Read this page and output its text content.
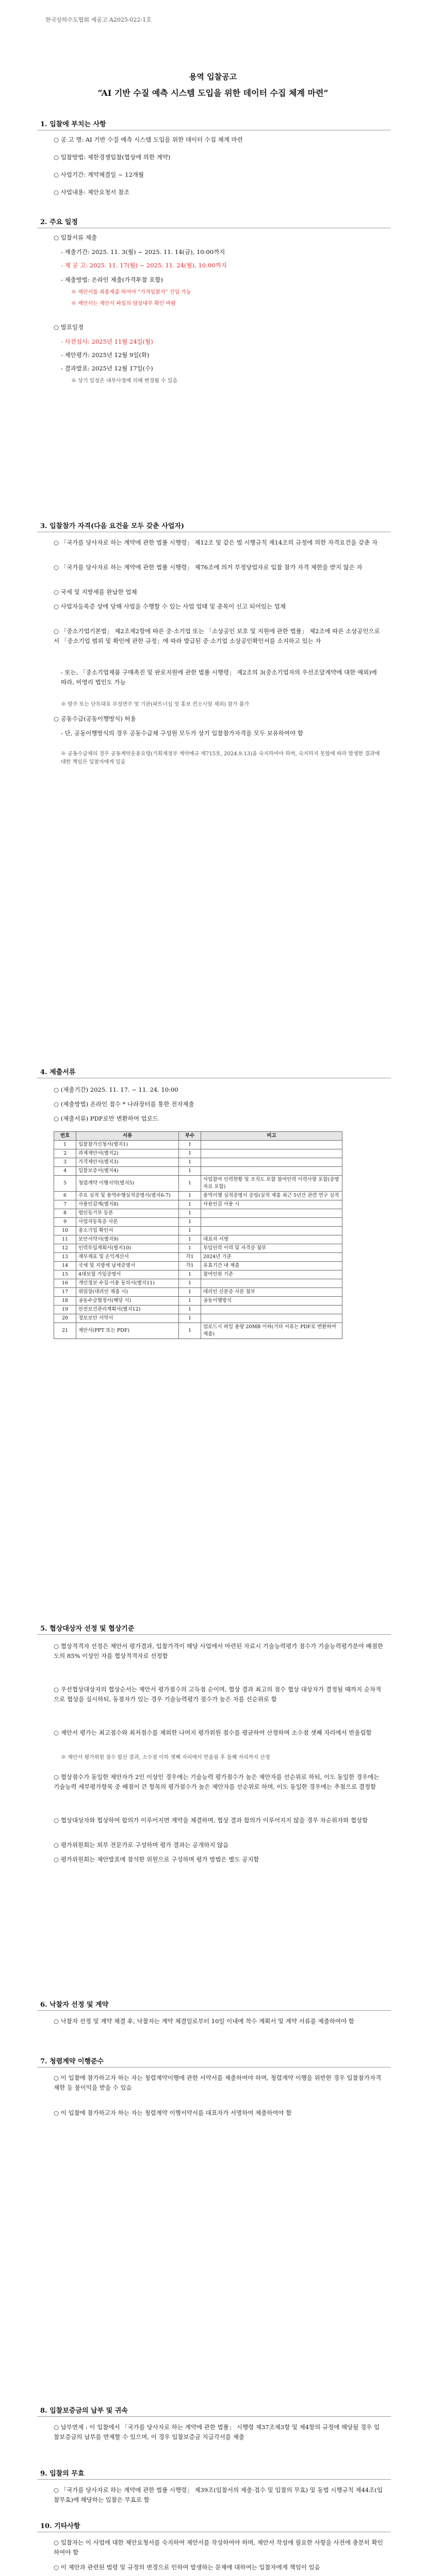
한국상하수도협회 제공고 A2025-022-1호
용역 입찰공고
“AI 기반 수질 예측 시스템 도입을 위한 데이터 수집 체계 마련”
1. 입찰에 부치는 사항
○ 공 고 명: AI 기반 수질 예측 시스템 도입을 위한 데이터 수집 체계 마련
○ 입찰방법: 제한경쟁입찰(협상에 의한 계약)
○ 사업기간: 계약체결일 ~ 12개월
○ 사업내용: 제안요청서 참조
2. 주요 일정
○ 입찰서류 제출
- 제출기간: 2025. 11. 3(월) ~ 2025. 11. 14(금), 10:00까지
- 제 공 고: 2025. 11. 17(월) ~ 2025. 11. 24(월), 10:00까지
- 제출방법: 온라인 제출(가격투찰 포함)
※ 제안서를 최종제출 하여야 “가격입찰서” 진입 가능
※ 제안서는 제안서 파일의 암상대부 확인 바람
○ 발표일정
- 사전심사: 2025년 11월 24일(월)
- 제안평가: 2025년 12월 9일(화)
- 결과발표: 2025년 12월 17일(수)
※ 상기 일정은 내부사정에 의해 변경될 수 있음
3. 입찰참가 자격(다음 요건을 모두 갖춘 사업자)
○ 「국가를 당사자로 하는 계약에 관한 법률 시행령」 제12조 및 같은 법 시행규칙 제14조의 규정에 의한 자격요건을 갖춘 자
○ 「국가를 당사자로 하는 계약에 관한 법률 시행령」 제76조에 의거 부정당업자로 입찰 참가 자격 제한을 받지 않은 자
○ 국세 및 지방세를 완납한 업체
○ 사업자등록증 상에 당해 사업을 수행할 수 있는 사업 업태 및 종목이 신고 되어있는 업체
○ 「중소기업기본법」 제2조제2항에 따른 중·소기업 또는 「소상공인 보호 및 지원에 관한 법률」 제2조에 따른 소상공인으로서 「중소기업 범위 및 확인에 관한 규정」에 따라 발급된 중·소기업 소상공인확인서를 소지하고 있는 자
- 또는, 「중소기업제품 구매촉진 및 판로지원에 관한 법률 시행령」 제2조의 3(중소기업자의 우선조달계약에 대한 예외)에 따라, 비영리 법인도 가능
※ 발주 또는 단독대표 부정면주 및 기관(파트너십 및 홍보 컨소시엄 제외) 참가 불가
○ 공동수급(공동이행방식) 허용
- 단, 공동이행방식의 경우 공동수급체 구성원 모두가 상기 입찰참가자격을 모두 보유하여야 함
※ 공동수급체의 경우 공동계약운용요령(기획재정부 계약예규 제715호, 2024.9.13)을 숙지하여야 하며, 숙지하지 못함에 따라 발생한 결과에 대한 책임은 입찰자에게 있음
4. 제출서류
○ (제출기간) 2025. 11. 17. ~ 11. 24. 10:00
○ (제출방법) 온라인 접수 * 나라장터를 통한 전자제출
○ (제출서류) PDF로만 변환하여 업로드
번호	서류	부수	비고
1	입찰참가신청서(별지1)	1	
2	과제제안서(별지2)	1	
3	가격제안서(별지3)	1	
4	입찰보증서(별지4)	1	
5	청렴계약 이행서약(별지5)	1	사업참여 인력현황 및 조직도 포함 참여인력 이력사항 포함(증명자료 포함)
6	주요 실적 및 용역수행실적증명서(별지6-7)	1	용역이행 실적증명서 증빙(실적 제출 최근 5년간 관련 연구 실적
7	사용인감계(별지8)	1	사용인감 사용 시
8	법인등기부 등본	1	
9	사업자등록증 사본	1	
10	중소기업 확인서	1	
11	보안서약서(별지9)	1	대표자 서명
12	인력투입계획서(별지10)	1	투입인력 이력 및 자격증 첨부
13	재무제표 및 손익계산서	각1	2024년 기준
14	국세 및 지방세 납세증명서	각1	유효기간 내 제출
15	4대보험 가입증명서	1	참여인원 기준
16	개인정보 수집·이용 동의서(별지11)	1	
17	위임장(대리인 제출 시)	1	대리인 신분증 사본 첨부
18	공동수급협정서(해당 시)	1	공동이행방식
19	안전보건관리계획서(별지12)	1	
20	정보보안 서약서	1	
21	제안서(PPT 또는 PDF)	1	업로드시 파일 용량 20MB 이하(기타 서류는 PDF로 변환하여 제출)
5. 협상대상자 선정 및 협상기준
○ 협상적격자 선정은 제안서 평가결과, 입찰가격이 해당 사업에서 마련된 자료시 기술능력평가 점수가 기술능력평가분야 배점한도의 85% 이상인 자를 협상적격자로 선정함
○ 우선협상대상자의 협상순서는 제안서 평가점수의 고득점 순이며, 협상 결과 최고의 점수 협상 대상자가 결정될 때까지 순차적으로 협상을 실시하되, 동점자가 있는 경우 기술능력평가 점수가 높은 자를 선순위로 함
○ 제안서 평가는 최고점수와 최저점수를 제외한 나머지 평가위원 점수를 평균하여 산정하며 소수점 셋째 자리에서 반올림함
※ 제안서 평가위원 점수 합산 결과, 소수점 이하 셋째 자리에서 반올림 후 둘째 자리까지 산정
○ 협상점수가 동일한 제안자가 2인 이상인 경우에는 기술능력 평가점수가 높은 제안자를 선순위로 하되, 이도 동일한 경우에는 기술능력 세부평가항목 중 배점이 큰 항목의 평가점수가 높은 제안자를 선순위로 하며, 이도 동일한 경우에는 추첨으로 결정함
○ 협상대상자와 협상하여 합의가 이루어지면 계약을 체결하며, 협상 결과 합의가 이루어지지 않을 경우 차순위자와 협상함
○ 평가위원회는 외부 전문가로 구성하며 평가 결과는 공개하지 않음
○ 평가위원회는 제안발표에 참석한 위원으로 구성하며 평가 방법은 별도 공지함
6. 낙찰자 선정 및 계약
○ 낙찰자 선정 및 계약 체결 후, 낙찰자는 계약 체결일로부터 10일 이내에 착수 계획서 및 계약 서류를 제출하여야 함
7. 청렴계약 이행준수
○ 이 입찰에 참가하고자 하는 자는 청렴계약이행에 관한 서약서를 제출하여야 하며, 청렴계약 이행을 위반한 경우 입찰참가자격 제한 등 불이익을 받을 수 있음
○ 이 입찰에 참가하고자 하는 자는 청렴계약 이행서약서를 대표자가 서명하여 제출하여야 함
8. 입찰보증금의 납부 및 귀속
○ 납부면제 : 이 입찰에서 「국가를 당사자로 하는 계약에 관한 법률」 시행령 제37조제3항 및 제4항의 규정에 해당될 경우 입찰보증금의 납부를 면제할 수 있으며, 이 경우 입찰보증금 지급각서를 제출
9. 입찰의 무효
○ 「국가를 당사자로 하는 계약에 관한 법률 시행령」 제39조(입찰서의 제출·접수 및 입찰의 무효) 및 동법 시행규칙 제44조(입찰무효)에 해당하는 입찰은 무효로 함
10. 기타사항
○ 입찰자는 이 사업에 대한 제안요청서를 숙지하여 제안서를 작성하여야 하며, 제안서 작성에 필요한 사항을 사전에 충분히 확인하여야 함
○ 이 제안과 관련된 법령 및 규정의 변경으로 인하여 발생하는 문제에 대하여는 입찰자에게 책임이 있음
